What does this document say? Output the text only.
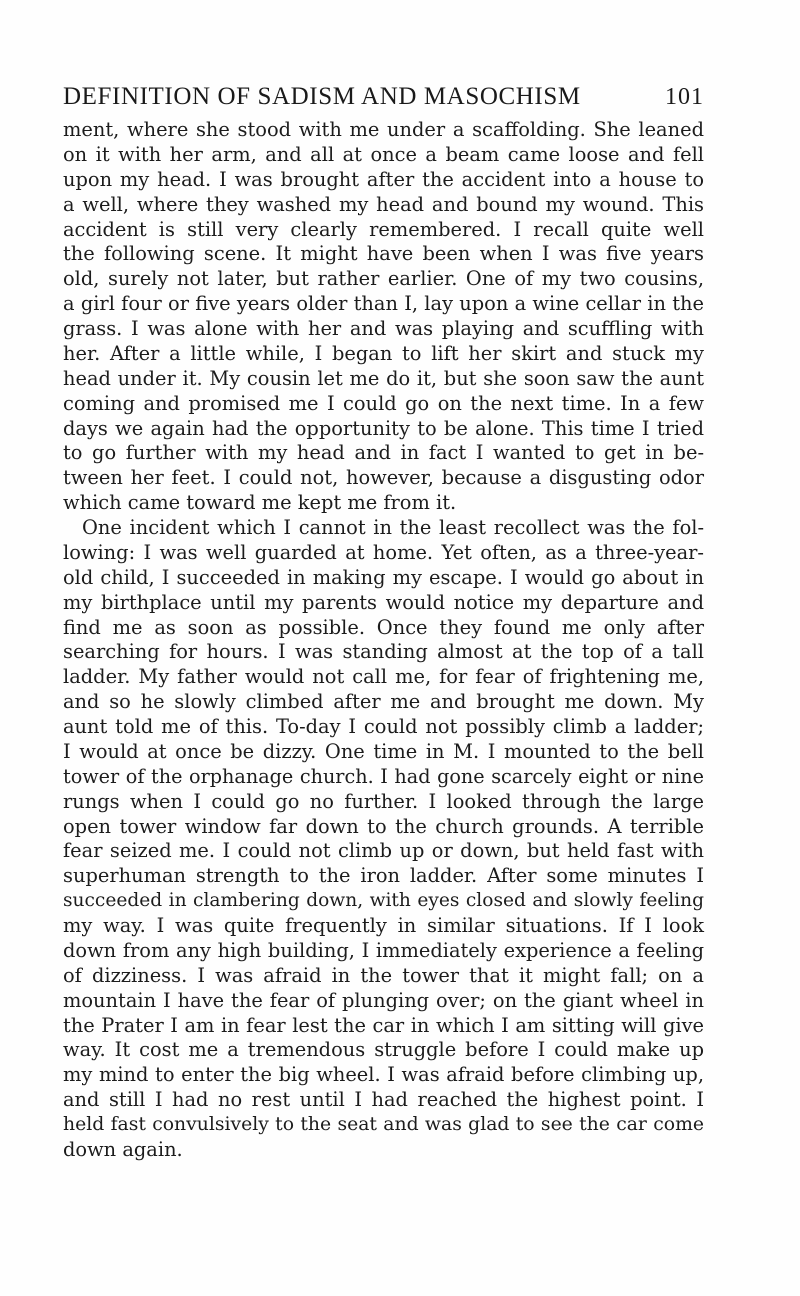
DEFINITION OF SADISM AND MASOCHISM	101
ment, where she stood with me under a scaffolding. She leaned
on it with her arm, and all at once a beam came loose and fell
upon my head. I was brought after the accident into a house to
a well, where they washed my head and bound my wound. This
accident is still very clearly remembered. I recall quite well
the following scene. It might have been when I was five years
old, surely not later, but rather earlier. One of my two cousins,
a girl four or five years older than I, lay upon a wine cellar in the
grass. I was alone with her and was playing and scuffling with
her. After a little while, I began to lift her skirt and stuck my
head under it. My cousin let me do it, but she soon saw the aunt
coming and promised me I could go on the next time. In a few
days we again had the opportunity to be alone. This time I tried
to go further with my head and in fact I wanted to get in be-
tween her feet. I could not, however, because a disgusting odor
which came toward me kept me from it.
One incident which I cannot in the least recollect was the fol-
lowing: I was well guarded at home. Yet often, as a three-year-
old child, I succeeded in making my escape. I would go about in
my birthplace until my parents would notice my departure and
find me as soon as possible. Once they found me only after
searching for hours. I was standing almost at the top of a tall
ladder. My father would not call me, for fear of frightening me,
and so he slowly climbed after me and brought me down. My
aunt told me of this. To-day I could not possibly climb a ladder;
I would at once be dizzy. One time in M. I mounted to the bell
tower of the orphanage church. I had gone scarcely eight or nine
rungs when I could go no further. I looked through the large
open tower window far down to the church grounds. A terrible
fear seized me. I could not climb up or down, but held fast with
superhuman strength to the iron ladder. After some minutes I
succeeded in clambering down, with eyes closed and slowly feeling
my way. I was quite frequently in similar situations. If I look
down from any high building, I immediately experience a feeling
of dizziness. I was afraid in the tower that it might fall; on a
mountain I have the fear of plunging over; on the giant wheel in
the Prater I am in fear lest the car in which I am sitting will give
way. It cost me a tremendous struggle before I could make up
my mind to enter the big wheel. I was afraid before climbing up,
and still I had no rest until I had reached the highest point. I
held fast convulsively to the seat and was glad to see the car come
down again.
